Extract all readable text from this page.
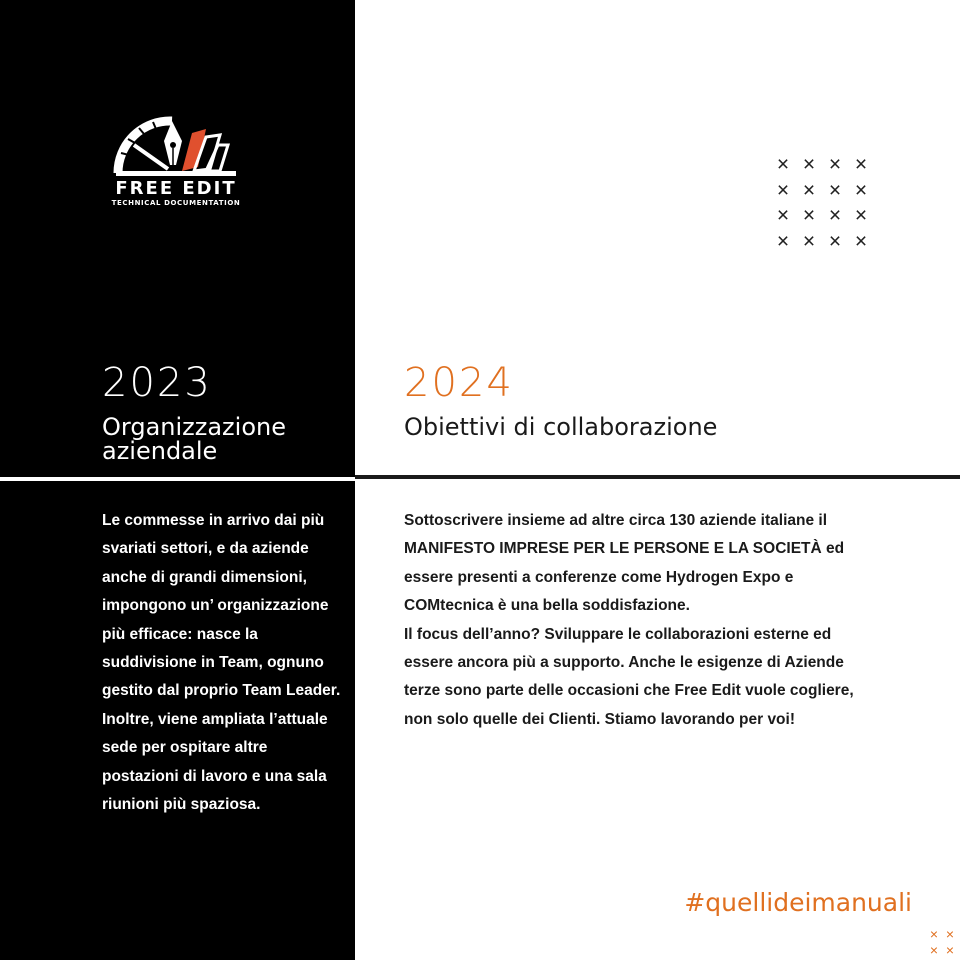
FREE EDIT
TECHNICAL DOCUMENTATION
× × × ×
× × × ×
× × × ×
× × × ×
2023
Organizzazione aziendale

Le commesse in arrivo dai più svariati settori, e da aziende anche di grandi dimensioni, impongono un’ organizzazione più efficace: nasce la suddivisione in Team, ognuno gestito dal proprio Team Leader. Inoltre, viene ampliata l’attuale sede per ospitare altre postazioni di lavoro e una sala riunioni più spaziosa.

2024
Obiettivi di collaborazione

Sottoscrivere insieme ad altre circa 130 aziende italiane il MANIFESTO IMPRESE PER LE PERSONE E LA SOCIETÀ ed essere presenti a conferenze come Hydrogen Expo e COMtecnica è una bella soddisfazione.

Il focus dell’anno? Sviluppare le collaborazioni esterne ed essere ancora più a supporto. Anche le esigenze di Aziende terze sono parte delle occasioni che Free Edit vuole cogliere, non solo quelle dei Clienti. Stiamo lavorando per voi!

#quellideimanuali
× ×
× ×
